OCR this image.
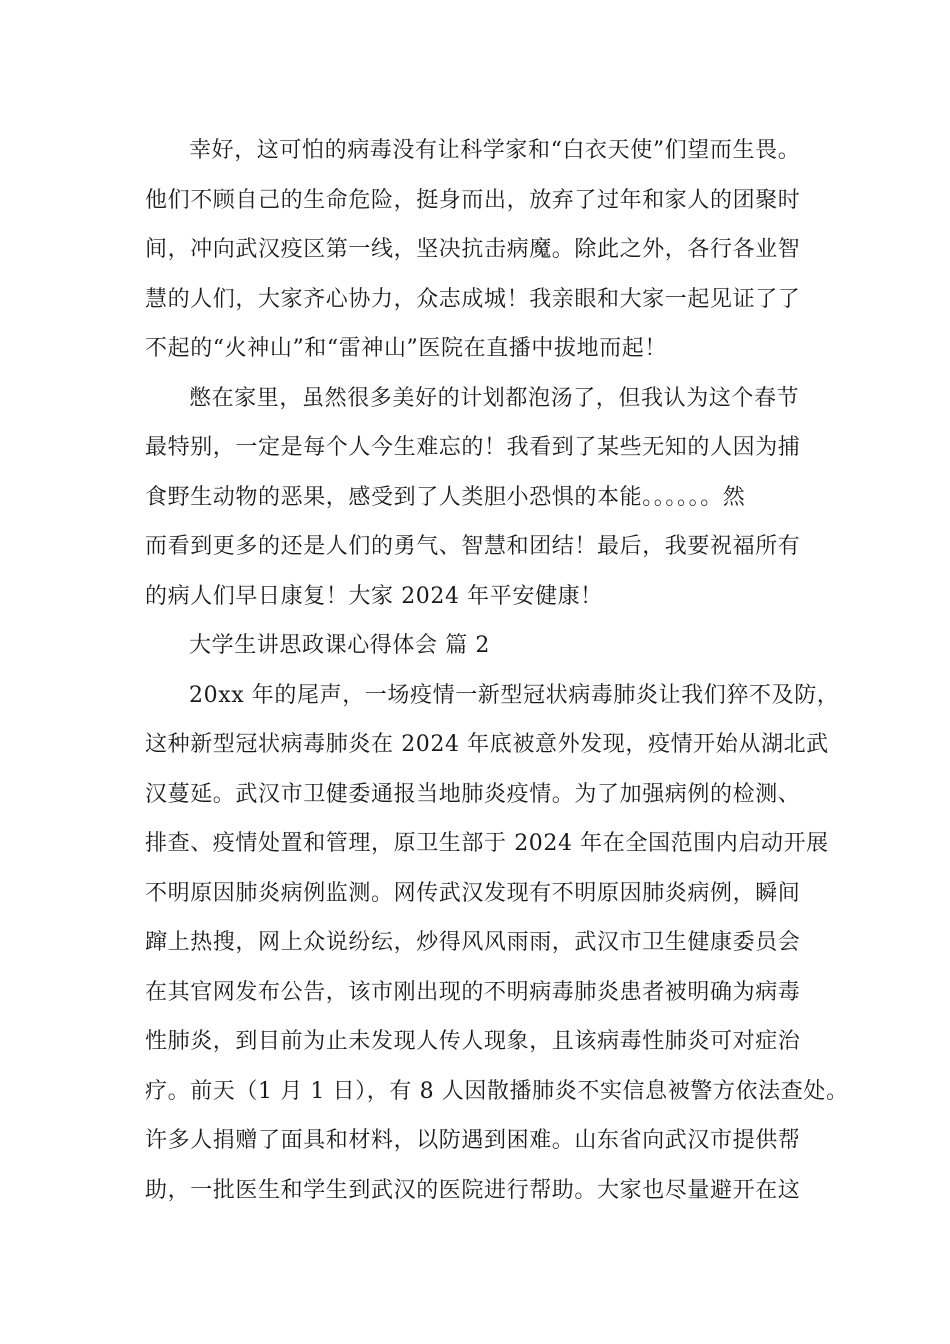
幸好，这可怕的病毒没有让科学家和“白衣天使”们望而生畏。
他们不顾自己的生命危险，挺身而出，放弃了过年和家人的团聚时
间，冲向武汉疫区第一线，坚决抗击病魔。除此之外，各行各业智
慧的人们，大家齐心协力，众志成城！我亲眼和大家一起见证了了
不起的“火神山”和“雷神山”医院在直播中拔地而起！
憋在家里，虽然很多美好的计划都泡汤了，但我认为这个春节
最特别，一定是每个人今生难忘的！我看到了某些无知的人因为捕
食野生动物的恶果，感受到了人类胆小恐惧的本能。。。。。。然
而看到更多的还是人们的勇气、智慧和团结！最后，我要祝福所有
的病人们早日康复！大家 2024 年平安健康！
大学生讲思政课心得体会 篇 2
20xx 年的尾声，一场疫情一新型冠状病毒肺炎让我们猝不及防，
这种新型冠状病毒肺炎在 2024 年底被意外发现，疫情开始从湖北武
汉蔓延。武汉市卫健委通报当地肺炎疫情。为了加强病例的检测、
排查、疫情处置和管理，原卫生部于 2024 年在全国范围内启动开展
不明原因肺炎病例监测。网传武汉发现有不明原因肺炎病例，瞬间
蹿上热搜，网上众说纷纭，炒得风风雨雨，武汉市卫生健康委员会
在其官网发布公告，该市刚出现的不明病毒肺炎患者被明确为病毒
性肺炎，到目前为止未发现人传人现象，且该病毒性肺炎可对症治
疗。前天（1 月 1 日），有 8 人因散播肺炎不实信息被警方依法查处。
许多人捐赠了面具和材料，以防遇到困难。山东省向武汉市提供帮
助，一批医生和学生到武汉的医院进行帮助。大家也尽量避开在这
